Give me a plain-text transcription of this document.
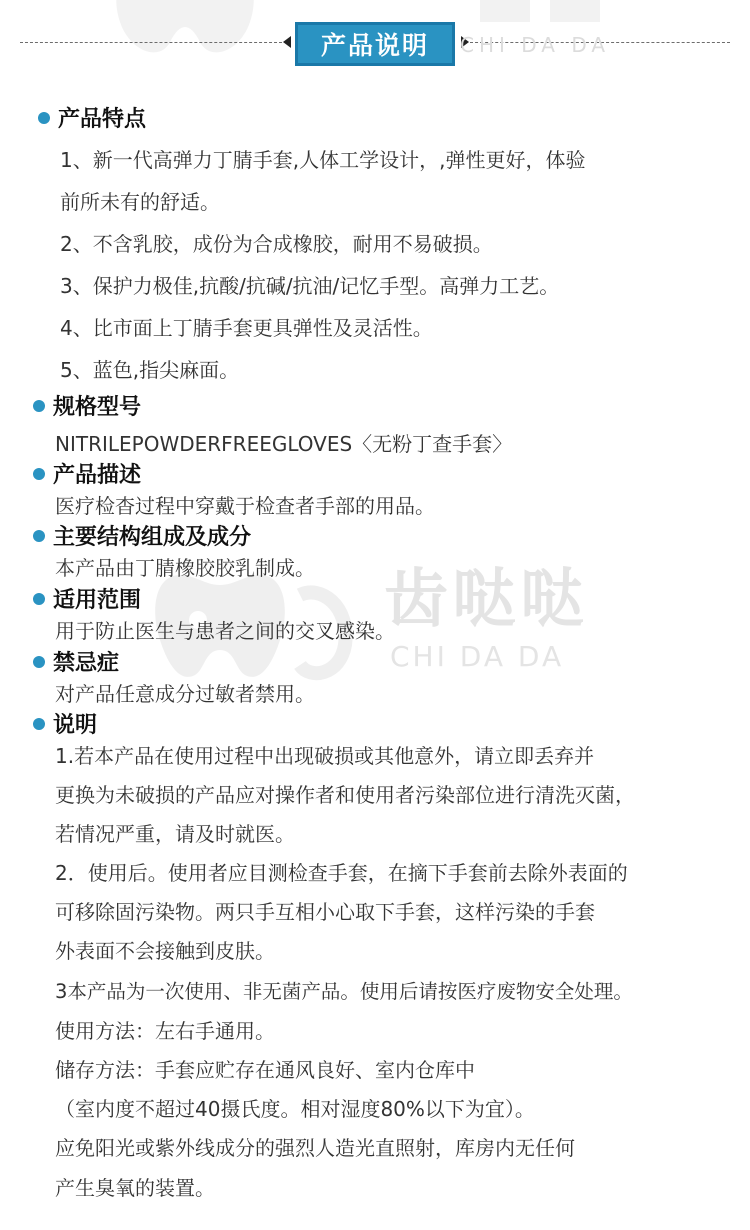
齿哒哒
CHI DA DA
产品说明 CHI DA DA
产品特点
1、新一代高弹力丁腈手套,人体工学设计，,弹性更好，体验
前所未有的舒适。
2、不含乳胶，成份为合成橡胶，耐用不易破损。
3、保护力极佳,抗酸/抗碱/抗油/记忆手型。高弹力工艺。
4、比市面上丁腈手套更具弹性及灵活性。
5、蓝色,指尖麻面。
规格型号
NITRILEPOWDERFREEGLOVES〈无粉丁查手套〉
产品描述
医疗检杳过程中穿戴于检查者手部的用品。
主要结构组成及成分
本产品由丁腈橡胶胶乳制成。
适用范围
用于防止医生与患者之间的交叉感染。
禁忌症
对产品任意成分过敏者禁用。
说明
1.若本产品在使用过程中出现破损或其他意外，请立即丢弃并
更换为未破损的产品应对操作者和使用者污染部位进行清洗灭菌，
若情况严重，请及时就医。
2．使用后。使用者应目测检查手套，在摘下手套前去除外表面的
可移除固污染物。两只手互相小心取下手套，这样污染的手套
外表面不会接触到皮肤。
3本产品为一次使用、非无菌产品。使用后请按医疗废物安全处理。
使用方法：左右手通用。
储存方法：手套应贮存在通风良好、室内仓库中
（室内度不超过40摄氏度。相对湿度80%以下为宜）。
应免阳光或紫外线成分的强烈人造光直照射，库房内无任何
产生臭氧的装置。
